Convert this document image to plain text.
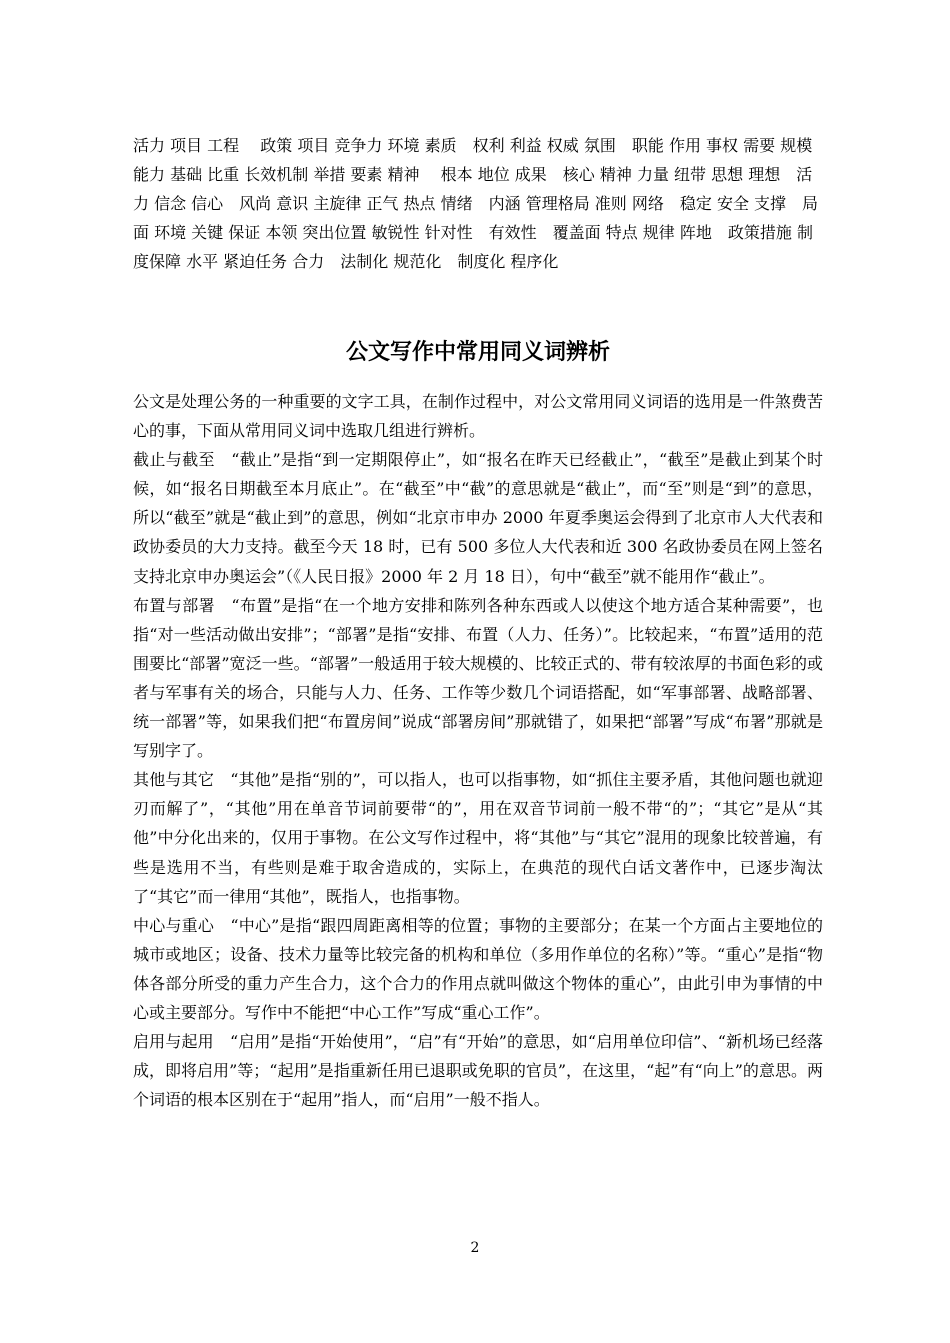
活力 项目 工程　 政策 项目 竞争力 环境 素质　权利 利益 权威 氛围　职能 作用 事权 需要 规模 能力 基础 比重 长效机制 举措 要素 精神　 根本 地位 成果　核心 精神 力量 纽带 思想 理想　活力 信念 信心　风尚 意识 主旋律 正气 热点 情绪　内涵 管理格局 准则 网络　稳定 安全 支撑　局面 环境 关键 保证 本领 突出位置 敏锐性 针对性　有效性　覆盖面 特点 规律 阵地　政策措施 制度保障 水平 紧迫任务 合力　法制化 规范化　制度化 程序化
公文写作中常用同义词辨析

公文是处理公务的一种重要的文字工具，在制作过程中，对公文常用同义词语的选用是一件煞费苦心的事，下面从常用同义词中选取几组进行辨析。

截止与截至　“截止”是指“到一定期限停止”，如“报名在昨天已经截止”，“截至”是截止到某个时候，如“报名日期截至本月底止”。在“截至”中“截”的意思就是“截止”，而“至”则是“到”的意思，所以“截至”就是“截止到”的意思，例如“北京市申办 2000 年夏季奥运会得到了北京市人大代表和政协委员的大力支持。截至今天 18 时，已有 500 多位人大代表和近 300 名政协委员在网上签名支持北京申办奥运会”（《人民日报》2000 年 2 月 18 日），句中“截至”就不能用作“截止”。

布置与部署　“布置”是指“在一个地方安排和陈列各种东西或人以使这个地方适合某种需要”，也指“对一些活动做出安排”；“部署”是指“安排、布置（人力、任务）”。比较起来，“布置”适用的范围要比“部署”宽泛一些。“部署”一般适用于较大规模的、比较正式的、带有较浓厚的书面色彩的或者与军事有关的场合，只能与人力、任务、工作等少数几个词语搭配，如“军事部署、战略部署、统一部署”等，如果我们把“布置房间”说成“部署房间”那就错了，如果把“部署”写成“布署”那就是写别字了。

其他与其它　“其他”是指“别的”，可以指人，也可以指事物，如“抓住主要矛盾，其他问题也就迎刃而解了”，“其他”用在单音节词前要带“的”，用在双音节词前一般不带“的”；“其它”是从“其他”中分化出来的，仅用于事物。在公文写作过程中，将“其他”与“其它”混用的现象比较普遍，有些是选用不当，有些则是难于取舍造成的，实际上，在典范的现代白话文著作中，已逐步淘汰了“其它”而一律用“其他”，既指人，也指事物。

中心与重心　“中心”是指“跟四周距离相等的位置；事物的主要部分；在某一个方面占主要地位的城市或地区；设备、技术力量等比较完备的机构和单位（多用作单位的名称）”等。“重心”是指“物体各部分所受的重力产生合力，这个合力的作用点就叫做这个物体的重心”，由此引申为事情的中心或主要部分。写作中不能把“中心工作”写成“重心工作”。

启用与起用　“启用”是指“开始使用”，“启”有“开始”的意思，如“启用单位印信”、“新机场已经落成，即将启用”等；“起用”是指重新任用已退职或免职的官员”，在这里，“起”有“向上”的意思。两个词语的根本区别在于“起用”指人，而“启用”一般不指人。

2
